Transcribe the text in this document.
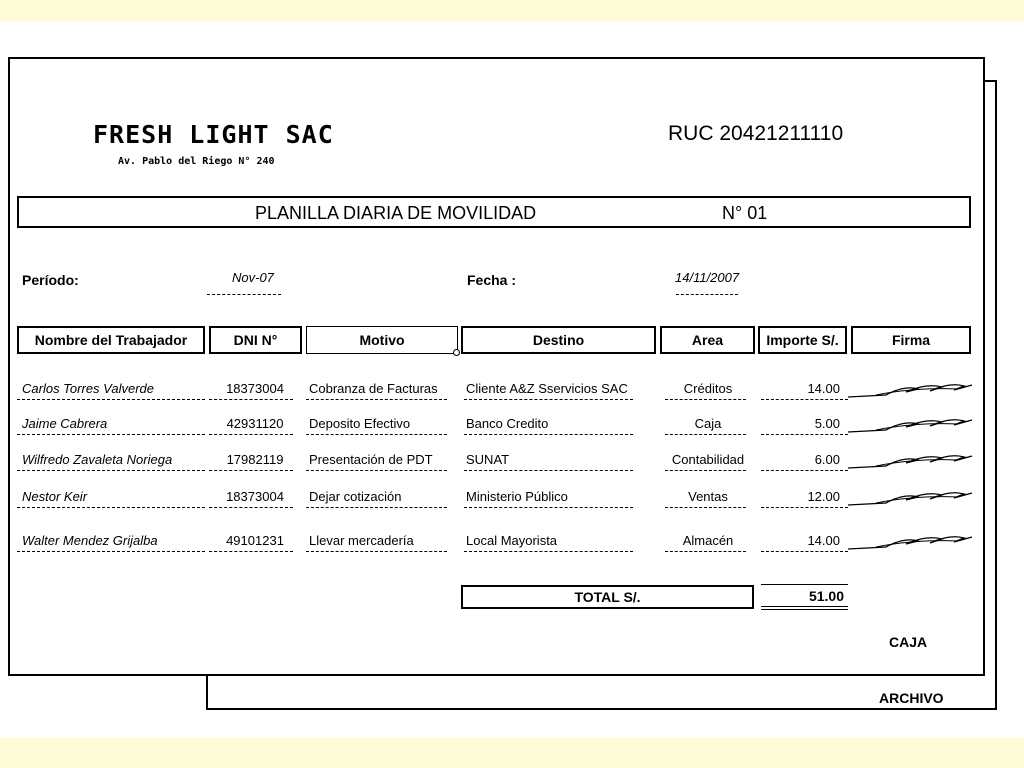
ARCHIVO
FRESH LIGHT SAC
Av. Pablo del Riego N° 240
RUC 20421211110
PLANILLA DIARIA DE MOVILIDAD	N° 01
Período:	Nov-07	Fecha :	14/11/2007
Nombre del Trabajador	DNI N°	Motivo	Destino	Area	Importe S/.	Firma
Carlos Torres Valverde	18373004	Cobranza de Facturas	Cliente A&Z Sservicios SAC	Créditos	14.00
Jaime Cabrera	42931120	Deposito Efectivo	Banco Credito	Caja	5.00
Wilfredo Zavaleta Noriega	17982119	Presentación de PDT	SUNAT	Contabilidad	6.00
Nestor Keir	18373004	Dejar cotización	Ministerio Público	Ventas	12.00
Walter Mendez Grijalba	49101231	Llevar mercadería	Local Mayorista	Almacén	14.00
TOTAL S/.	51.00
CAJA
